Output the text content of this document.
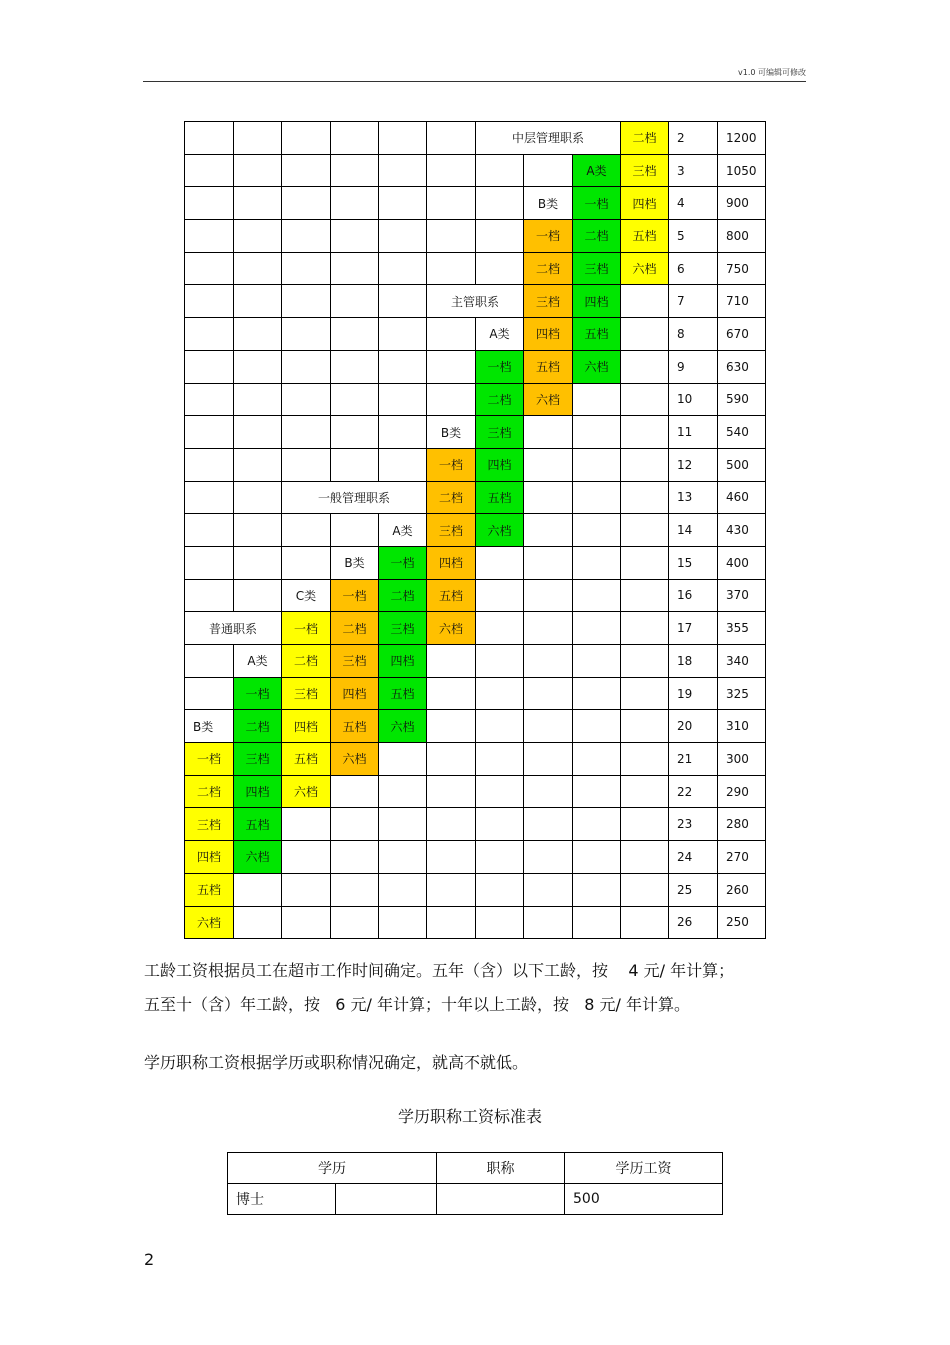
v1.0 可编辑可修改
						中层管理职系			二档	2	1200
								A类	三档	3	1050
							B类	一档	四档	4	900
							一档	二档	五档	5	800
							二档	三档	六档	6	750
					主管职系		三档	四档		7	710
						A类	四档	五档		8	670
						一档	五档	六档		9	630
						二档	六档			10	590
					B类	三档				11	540
					一档	四档				12	500
		一般管理职系			二档	五档				13	460
				A类	三档	六档				14	430
			B类	一档	四档					15	400
		C类	一档	二档	五档					16	370
普通职系		一档	二档	三档	六档					17	355
	A类	二档	三档	四档						18	340
	一档	三档	四档	五档						19	325
B类	二档	四档	五档	六档						20	310
一档	三档	五档	六档							21	300
二档	四档	六档								22	290
三档	五档									23	280
四档	六档									24	270
五档										25	260
六档										26	250
工龄工资根据员工在超市工作时间确定。五年（含）以下工龄，按    4 元/ 年计算；
五至十（含）年工龄，按   6 元/ 年计算；十年以上工龄，按   8 元/ 年计算。
学历职称工资根据学历或职称情况确定，就高不就低。
学历职称工资标准表
学历		职称	学历工资
博士			500
2
